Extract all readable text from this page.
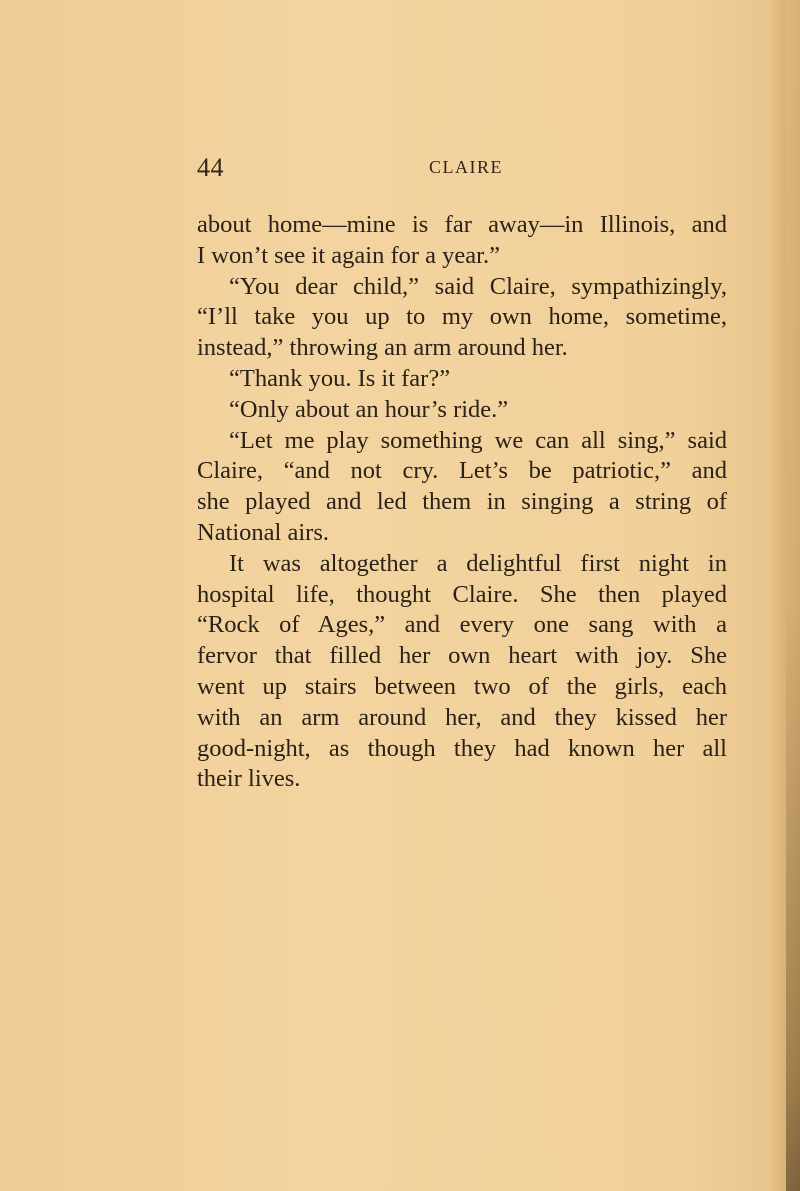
44	CLAIRE
about home—mine is far away—in Illinois, and
I won’t see it again for a year.”
“You dear child,” said Claire, sympathizingly,
“I’ll take you up to my own home, sometime,
instead,” throwing an arm around her.
“Thank you. Is it far?”
“Only about an hour’s ride.”
“Let me play something we can all sing,” said
Claire, “and not cry. Let’s be patriotic,” and
she played and led them in singing a string of
National airs.
It was altogether a delightful first night in
hospital life, thought Claire. She then played
“Rock of Ages,” and every one sang with a
fervor that filled her own heart with joy. She
went up stairs between two of the girls, each
with an arm around her, and they kissed her
good-night, as though they had known her all
their lives.
